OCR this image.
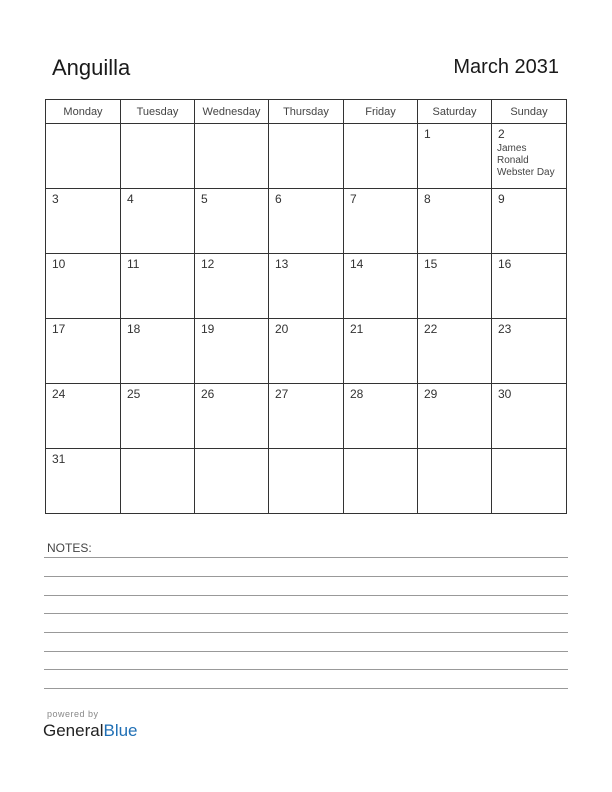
Anguilla	March 2031
Monday	Tuesday	Wednesday	Thursday	Friday	Saturday	Sunday

					1	2
James
Ronald
Webster Day

3	4	5	6	7	8	9

10	11	12	13	14	15	16

17	18	19	20	21	22	23

24	25	26	27	28	29	30

31						

NOTES:
powered by
GeneralBlue
